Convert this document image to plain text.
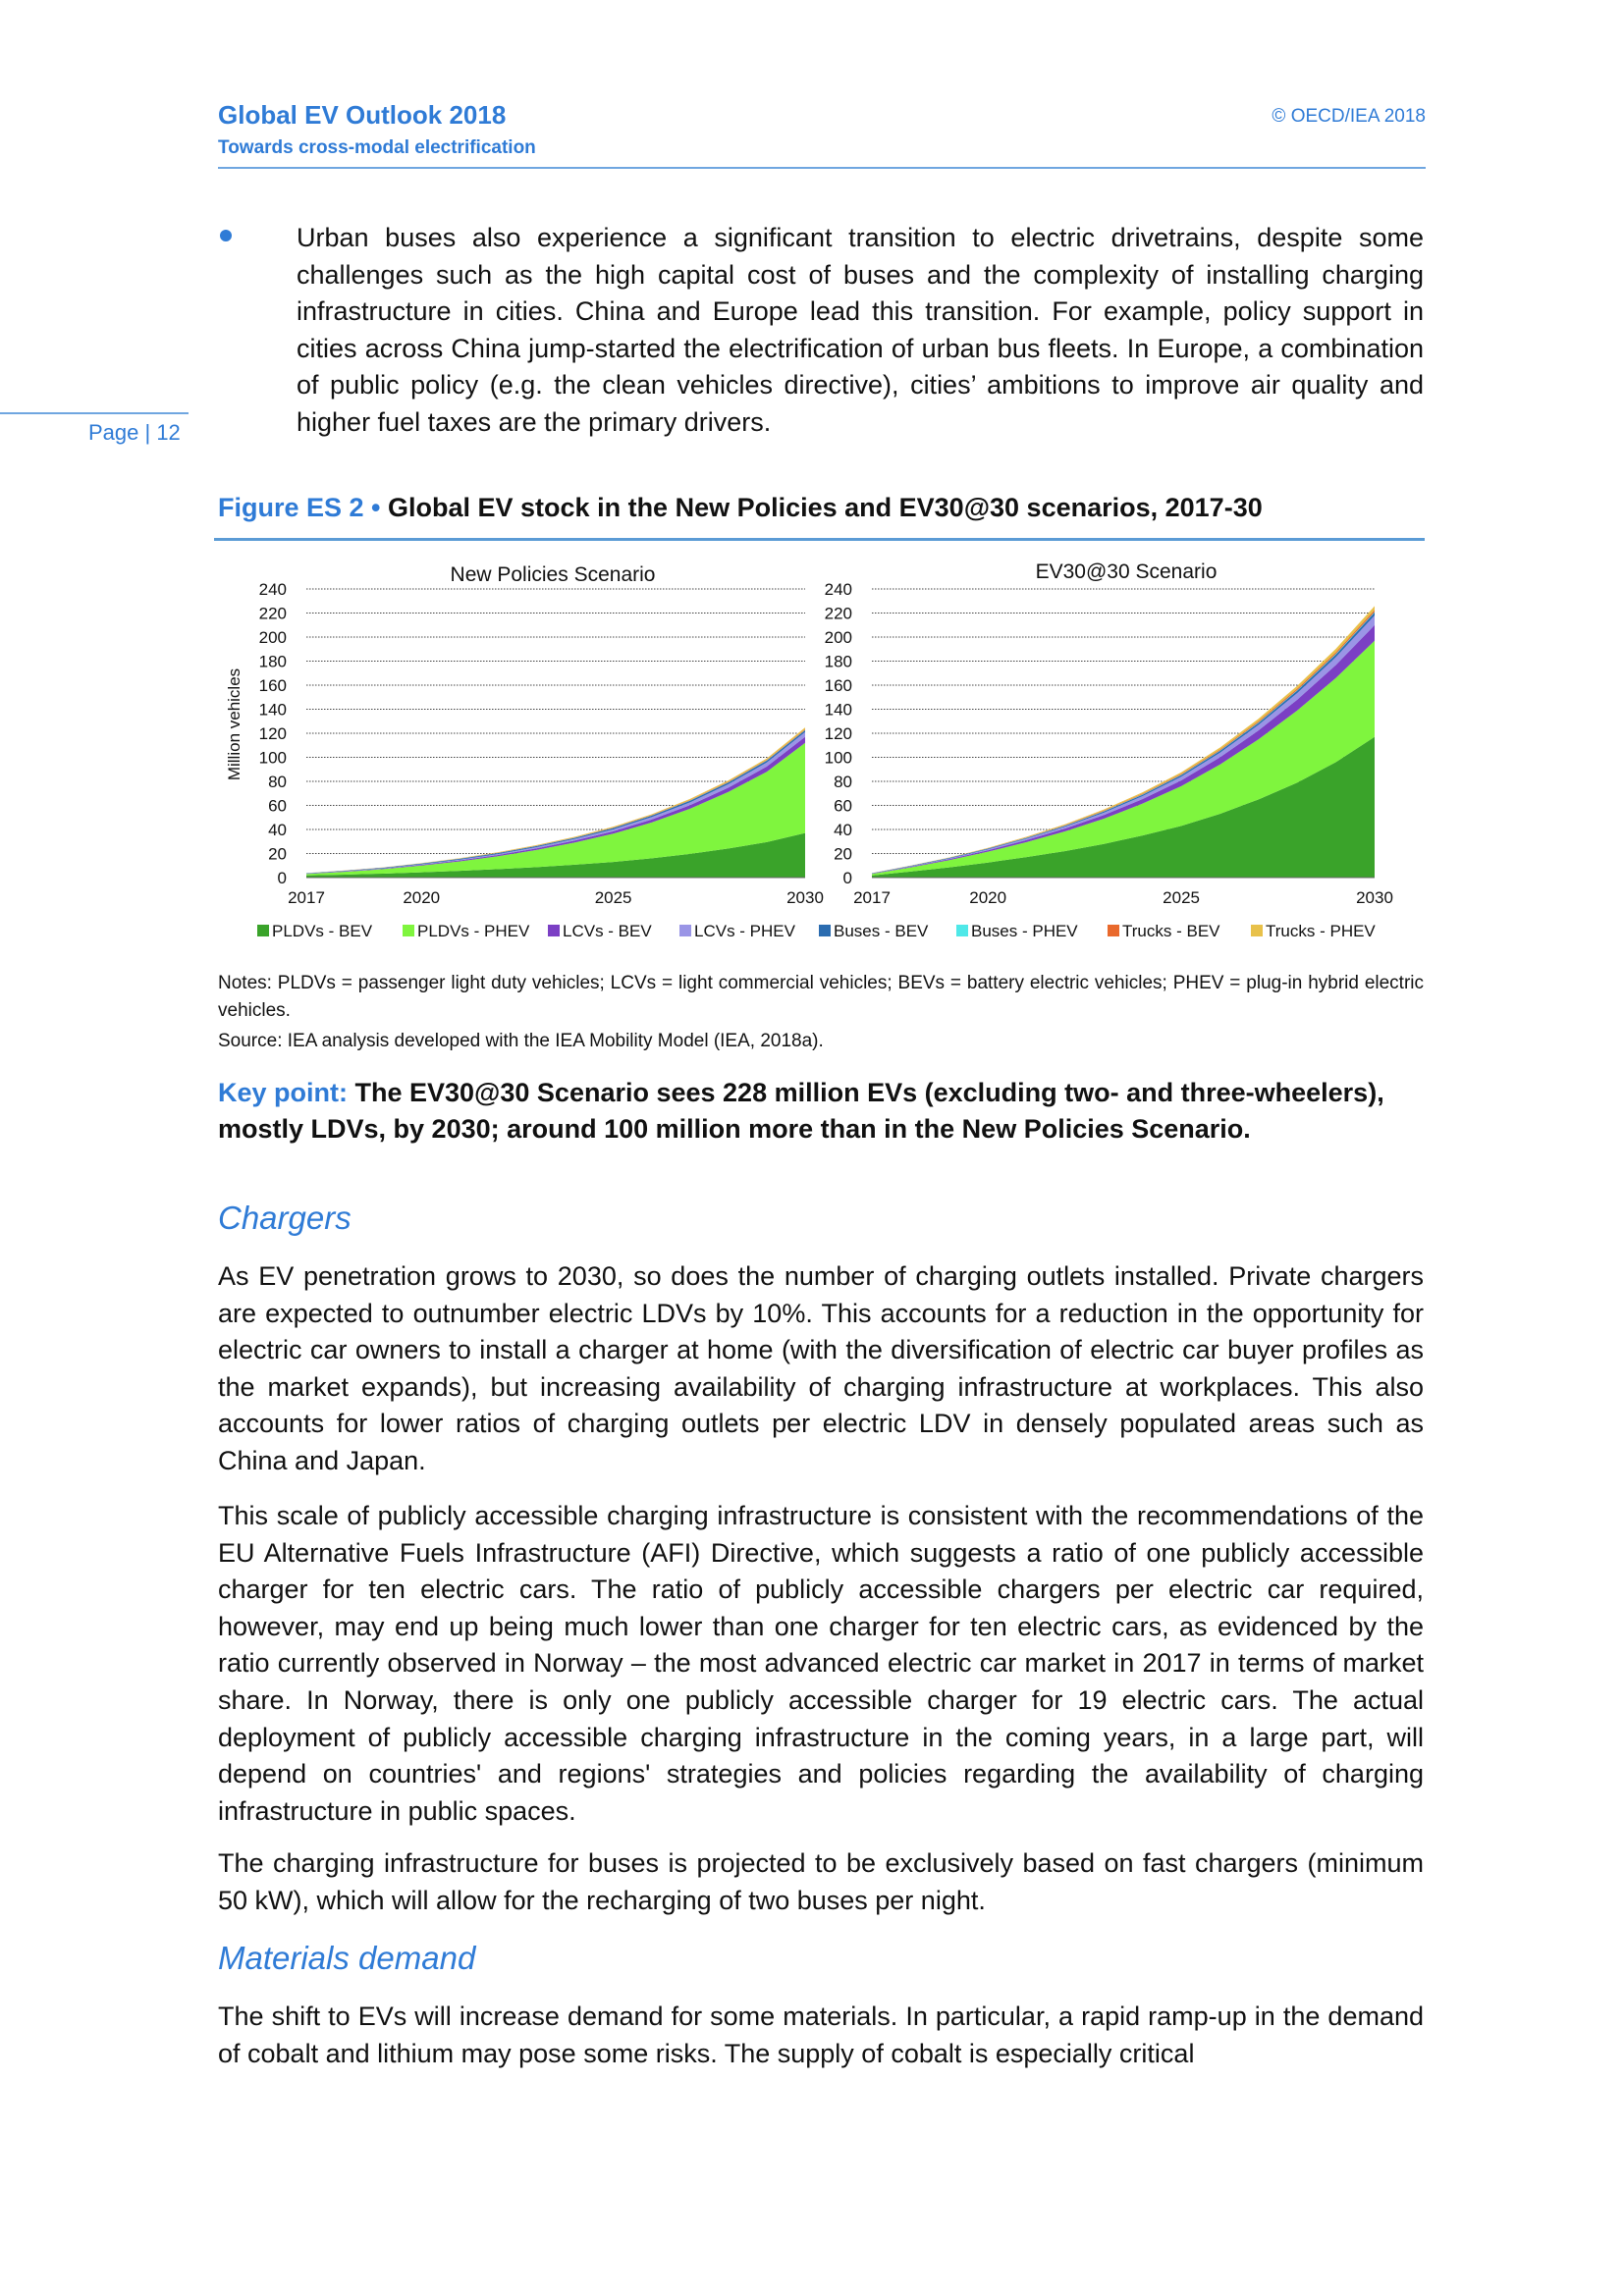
Global EV Outlook 2018
Towards cross-modal electrification
© OECD/IEA 2018
Page | 12
Urban buses also experience a significant transition to electric drivetrains, despite some challenges such as the high capital cost of buses and the complexity of installing charging infrastructure in cities. China and Europe lead this transition. For example, policy support in cities across China jump-started the electrification of urban bus fleets. In Europe, a combination of public policy (e.g. the clean vehicles directive), cities’ ambitions to improve air quality and higher fuel taxes are the primary drivers.
Figure ES 2 • Global EV stock in the New Policies and EV30@30 scenarios, 2017-30
0
20
40
60
80
100
120
140
160
180
200
220
240
2017	2020	2025	2030
New Policies Scenario
0
20
40
60
80
100
120
140
160
180
200
220
240
2017	2020	2025	2030
EV30@30 Scenario
Million vehicles
PLDVs - BEV	PLDVs - PHEV LCVs - BEV	LCVs - PHEV Buses - BEV	Buses - PHEV	Trucks - BEV	Trucks - PHEV
Notes: PLDVs = passenger light duty vehicles; LCVs = light commercial vehicles; BEVs = battery electric vehicles; PHEV = plug-in hybrid electric vehicles.
Source: IEA analysis developed with the IEA Mobility Model (IEA, 2018a).
Key point: The EV30@30 Scenario sees 228 million EVs (excluding two- and three-wheelers), mostly LDVs, by 2030; around 100 million more than in the New Policies Scenario.
Chargers
As EV penetration grows to 2030, so does the number of charging outlets installed. Private chargers are expected to outnumber electric LDVs by 10%. This accounts for a reduction in the opportunity for electric car owners to install a charger at home (with the diversification of electric car buyer profiles as the market expands), but increasing availability of charging infrastructure at workplaces. This also accounts for lower ratios of charging outlets per electric LDV in densely populated areas such as China and Japan.
This scale of publicly accessible charging infrastructure is consistent with the recommendations of the EU Alternative Fuels Infrastructure (AFI) Directive, which suggests a ratio of one publicly accessible charger for ten electric cars. The ratio of publicly accessible chargers per electric car required, however, may end up being much lower than one charger for ten electric cars, as evidenced by the ratio currently observed in Norway – the most advanced electric car market in 2017 in terms of market share. In Norway, there is only one publicly accessible charger for 19 electric cars. The actual deployment of publicly accessible charging infrastructure in the coming years, in a large part, will depend on countries' and regions' strategies and policies regarding the availability of charging infrastructure in public spaces.
The charging infrastructure for buses is projected to be exclusively based on fast chargers (minimum 50 kW), which will allow for the recharging of two buses per night.
Materials demand
The shift to EVs will increase demand for some materials. In particular, a rapid ramp-up in the demand of cobalt and lithium may pose some risks. The supply of cobalt is especially critical
